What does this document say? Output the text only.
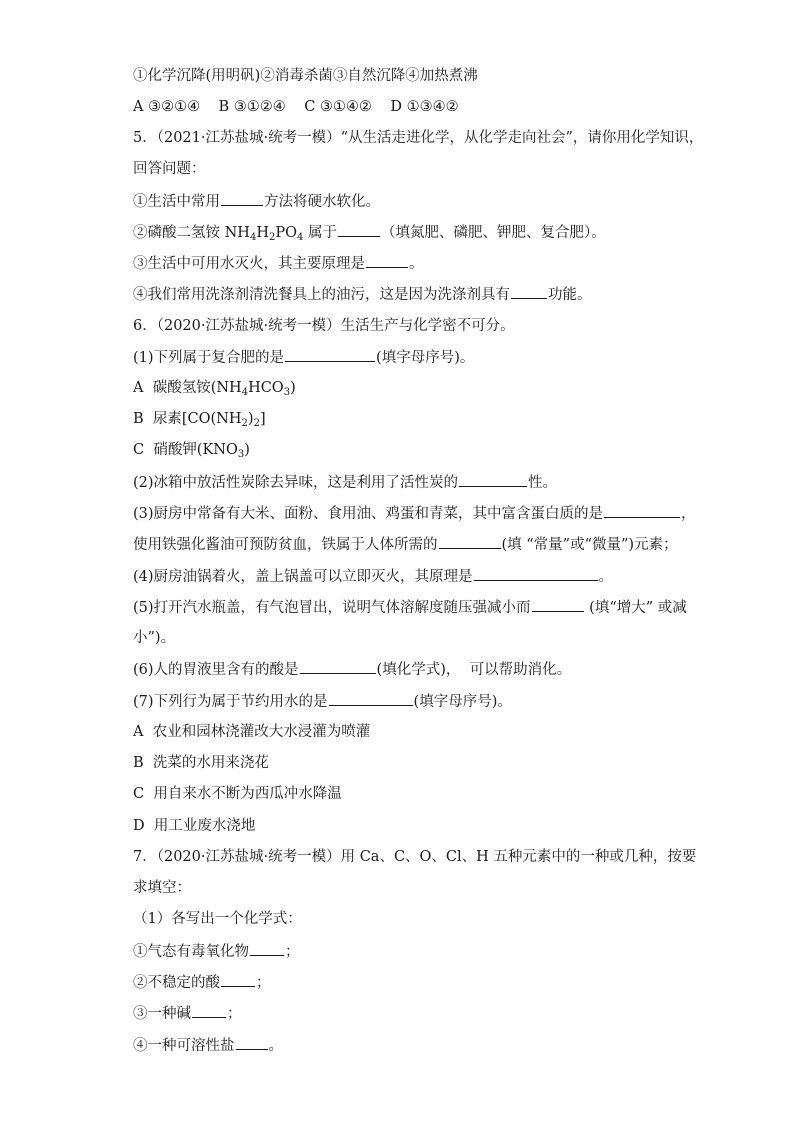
①化学沉降(用明矾)②消毒杀菌③自然沉降④加热煮沸
A ③②①④    B ③①②④    C ③①④②    D ①③④②
5．（2021·江苏盐城·统考一模）“从生活走进化学，从化学走向社会”，请你用化学知识，
回答问题：
①生活中常用	方法将硬水软化。
②磷酸二氢铵 $NH_4H_2PO_4$ 属于	（填氮肥、磷肥、钾肥、复合肥）。
③生活中可用水灭火，其主要原理是	。
④我们常用洗涤剂清洗餐具上的油污，这是因为洗涤剂具有	功能。
6．（2020·江苏盐城·统考一模）生活生产与化学密不可分。
(1)下列属于复合肥的是	(填字母序号)。
A  碳酸氢铵$(NH_4HCO_3)$
B  尿素$[CO(NH_2)_2]$
C  硝酸钾$(KNO_3)$
(2)冰箱中放活性炭除去异味，这是利用了活性炭的	性。
(3)厨房中常备有大米、面粉、食用油、鸡蛋和青菜，其中富含蛋白质的是	，
使用铁强化酱油可预防贫血，铁属于人体所需的	(填 “常量”或“微量”)元素；
(4)厨房油锅着火，盖上锅盖可以立即灭火，其原理是	。
(5)打开汽水瓶盖，有气泡冒出，说明气体溶解度随压强减小而	(填“增大” 或减
小”)。
(6)人的胃液里含有的酸是	(填化学式)，  可以帮助消化。
(7)下列行为属于节约用水的是	(填字母序号)。
A  农业和园林浇灌改大水浸灌为喷灌
B  洗菜的水用来浇花
C  用自来水不断为西瓜冲水降温
D  用工业废水浇地
7．（2020·江苏盐城·统考一模）用 Ca、C、O、Cl、H 五种元素中的一种或几种，按要
求填空：
（1）各写出一个化学式：
①气态有毒氧化物 ；
②不稳定的酸 ；
③一种碱 ；
④一种可溶性盐 。
